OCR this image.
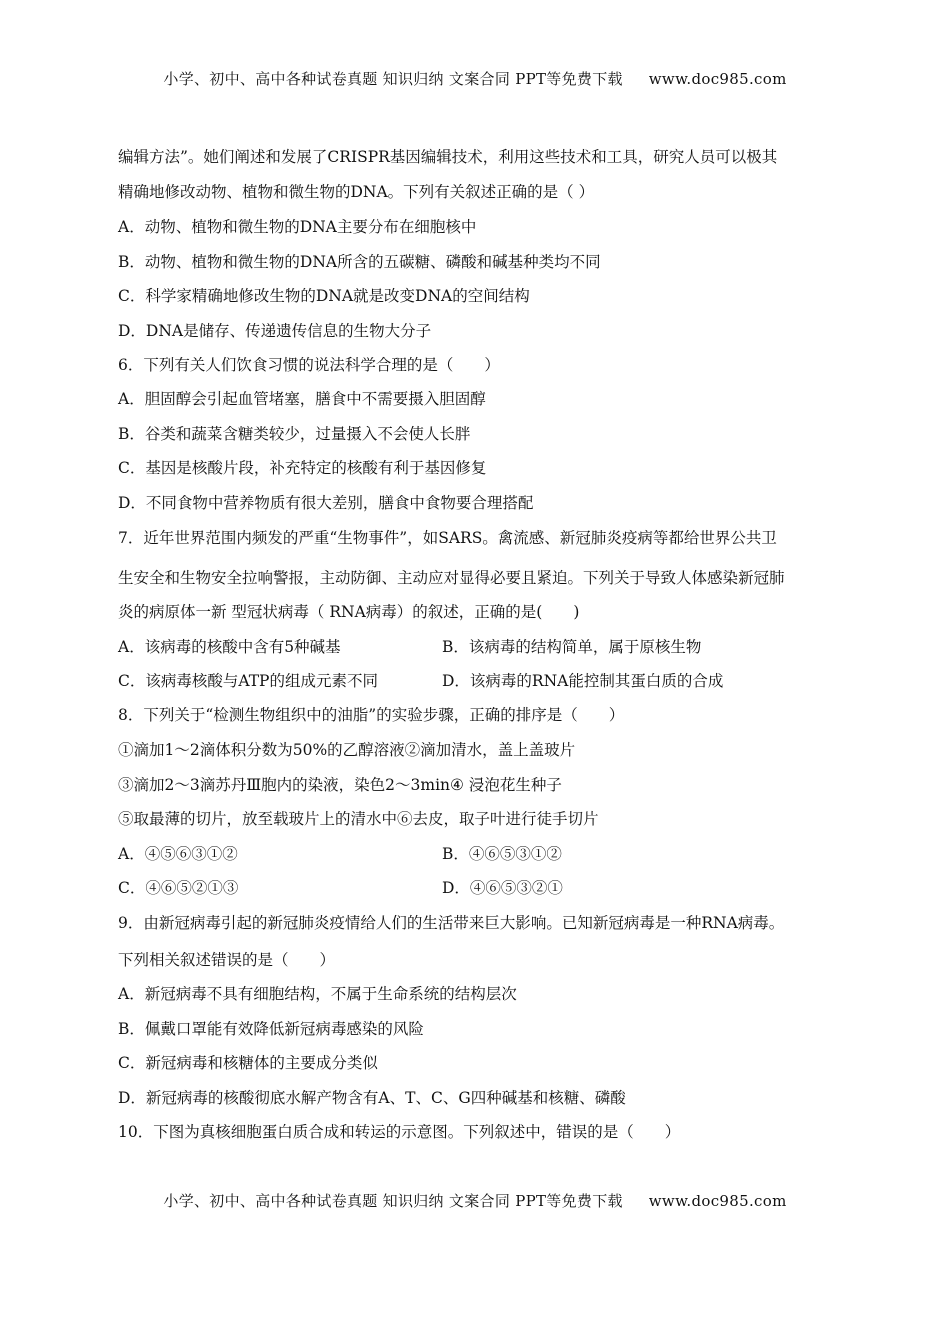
小学、初中、高中各种试卷真题 知识归纳 文案合同 PPT等免费下载 www.doc985.com
编辑方法”。她们阐述和发展了CRISPR基因编辑技术，利用这些技术和工具，研究人员可以极其
精确地修改动物、植物和微生物的DNA。下列有关叙述正确的是（ ）
A．动物、植物和微生物的DNA主要分布在细胞核中
B．动物、植物和微生物的DNA所含的五碳糖、磷酸和碱基种类均不同
C．科学家精确地修改生物的DNA就是改变DNA的空间结构
D．DNA是储存、传递遗传信息的生物大分子
6．下列有关人们饮食习惯的说法科学合理的是（　　）
A．胆固醇会引起血管堵塞，膳食中不需要摄入胆固醇
B．谷类和蔬菜含糖类较少，过量摄入不会使人长胖
C．基因是核酸片段，补充特定的核酸有利于基因修复
D．不同食物中营养物质有很大差别，膳食中食物要合理搭配
7．近年世界范围内频发的严重“生物事件”，如SARS。禽流感、新冠肺炎疫病等都给世界公共卫
生安全和生物安全拉响警报，主动防御、主动应对显得必要且紧迫。下列关于导致人体感染新冠肺
炎的病原体一新 型冠状病毒（ RNA病毒）的叙述，正确的是(　　)
A．该病毒的核酸中含有5种碱基	B．该病毒的结构简单，属于原核生物
C．该病毒核酸与ATP的组成元素不同	D．该病毒的RNA能控制其蛋白质的合成
8．下列关于“检测生物组织中的油脂”的实验步骤，正确的排序是（　　）
①滴加1～2滴体积分数为50%的乙醇溶液②滴加清水，盖上盖玻片
③滴加2～3滴苏丹Ⅲ胞内的染液，染色2～3min④ 浸泡花生种子
⑤取最薄的切片，放至载玻片上的清水中⑥去皮，取子叶进行徒手切片
A．④⑤⑥③①②	B．④⑥⑤③①②
C．④⑥⑤②①③	D．④⑥⑤③②①
9．由新冠病毒引起的新冠肺炎疫情给人们的生活带来巨大影响。已知新冠病毒是一种RNA病毒。
下列相关叙述错误的是（　　）
A．新冠病毒不具有细胞结构，不属于生命系统的结构层次
B．佩戴口罩能有效降低新冠病毒感染的风险
C．新冠病毒和核糖体的主要成分类似
D．新冠病毒的核酸彻底水解产物含有A、T、C、G四种碱基和核糖、磷酸
10．下图为真核细胞蛋白质合成和转运的示意图。下列叙述中，错误的是（　　）
小学、初中、高中各种试卷真题 知识归纳 文案合同 PPT等免费下载 www.doc985.com
